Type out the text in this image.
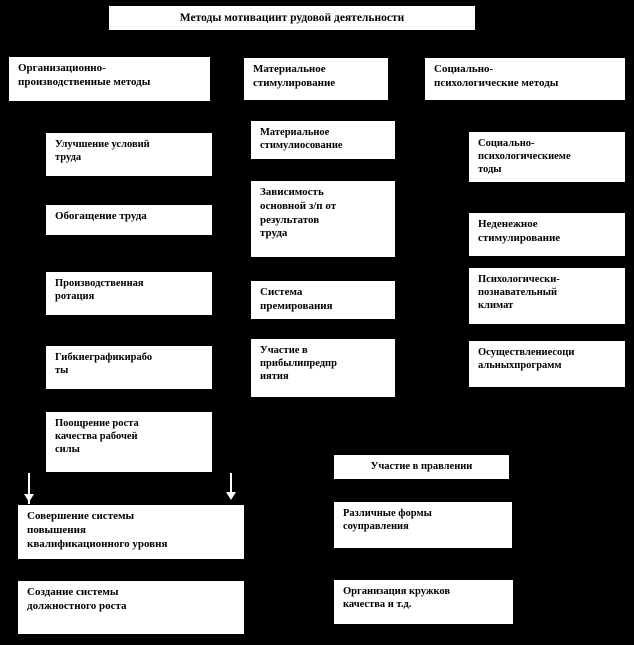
Методы мотивациит рудовой деятельности
Организационно-
производственные методы
Улучшение условий
труда
Обогащение труда
Производственная
ротация
Гибкиеграфикирабо
ты
Поощрение роста
качества рабочей
силы
Совершение системы
повышения
квалификационного уровня
Создание системы
должностного роста
Материальное
стимулирование
Материальное
стимулиосование
Зависимость
основной з/п от
результатов
труда
Система
премирования
Участие в
прибылипредпр
иятия
Социально-
психологические методы
Социально-
психологическиеме
тоды
Неденежное
стимулирование
Психологически-
познавательный
климат
Осуществлениесоци
альныхпрограмм
Участие в правлении
Различные формы
соуправления
Организация кружков
качества и т.д.
